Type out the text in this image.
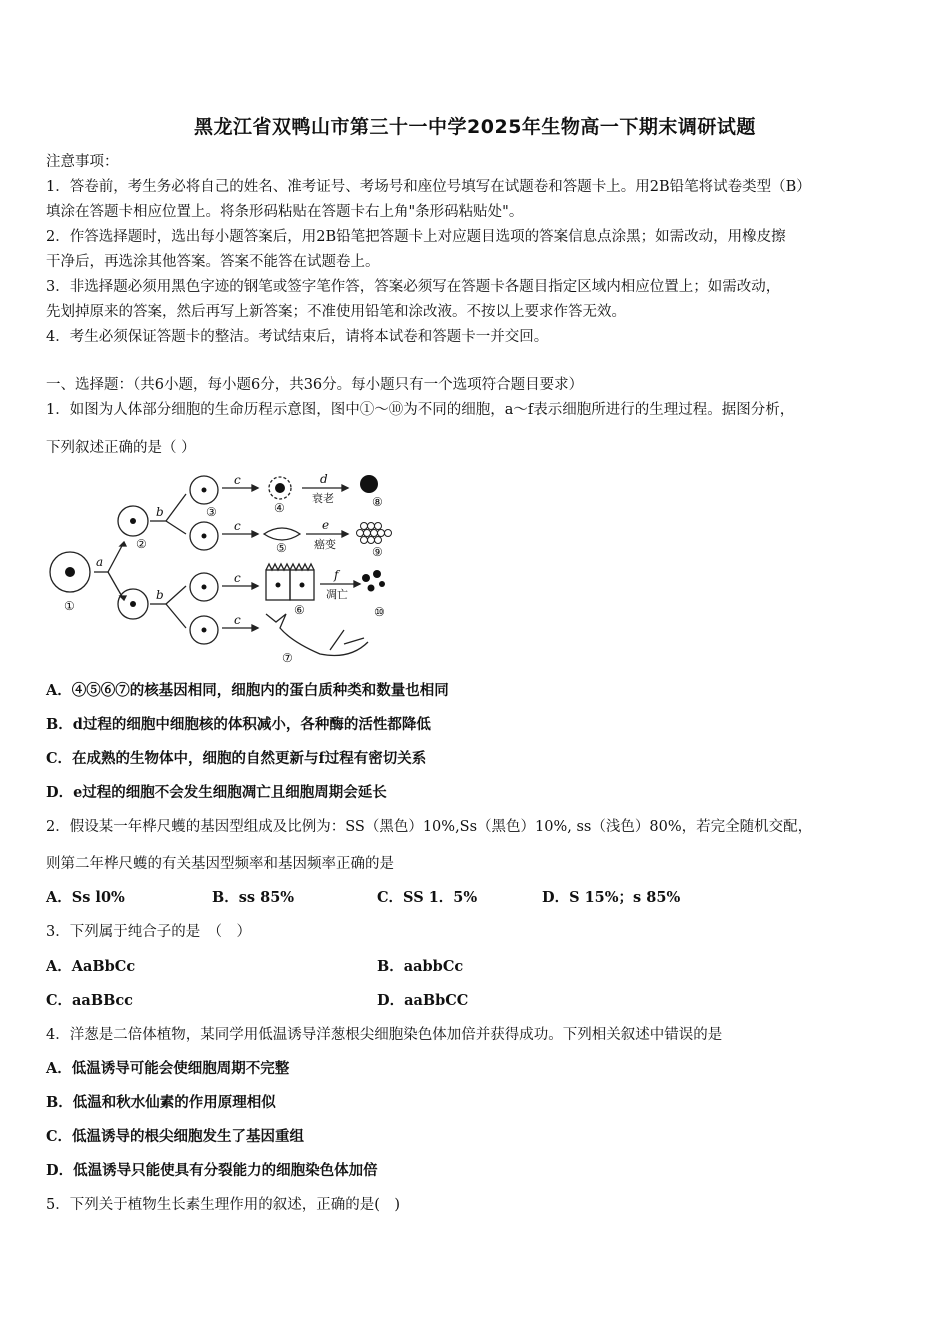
黑龙江省双鸭山市第三十一中学2025年生物高一下期末调研试题
注意事项：
1．答卷前，考生务必将自己的姓名、准考证号、考场号和座位号填写在试题卷和答题卡上。用2B铅笔将试卷类型（B）
填涂在答题卡相应位置上。将条形码粘贴在答题卡右上角"条形码粘贴处"。
2．作答选择题时，选出每小题答案后，用2B铅笔把答题卡上对应题目选项的答案信息点涂黑；如需改动，用橡皮擦
干净后，再选涂其他答案。答案不能答在试题卷上。
3．非选择题必须用黑色字迹的钢笔或签字笔作答，答案必须写在答题卡各题目指定区域内相应位置上；如需改动，
先划掉原来的答案，然后再写上新答案；不准使用铅笔和涂改液。不按以上要求作答无效。
4．考生必须保证答题卡的整洁。考试结束后，请将本试卷和答题卡一并交回。
一、选择题：（共6小题，每小题6分，共36分。每小题只有一个选项符合题目要求）
1．如图为人体部分细胞的生命历程示意图，图中①～⑩为不同的细胞，a～f表示细胞所进行的生理过程。据图分析，
下列叙述正确的是（ ）
a
b
b
c
c
c
c
d
e
f
衰老
癌变
凋亡
①
②
③	④
⑤
⑥
⑦
⑧
⑨
⑩
A．④⑤⑥⑦的核基因相同，细胞内的蛋白质种类和数量也相同
B．d过程的细胞中细胞核的体积减小，各种酶的活性都降低
C．在成熟的生物体中，细胞的自然更新与f过程有密切关系
D．e过程的细胞不会发生细胞凋亡且细胞周期会延长
2．假设某一年桦尺蠖的基因型组成及比例为：SS（黑色）10%,Ss（黑色）10%, ss（浅色）80%，若完全随机交配，
则第二年桦尺蠖的有关基因型频率和基因频率正确的是
A．Ss l0%	B．ss 85%	C．SS 1．5%	D．S 15%；s 85%
3．下列属于纯合子的是　（　）
A．AaBbCc	B．aabbCc
C．aaBBcc	D．aaBbCC
4．洋葱是二倍体植物，某同学用低温诱导洋葱根尖细胞染色体加倍并获得成功。下列相关叙述中错误的是
A．低温诱导可能会使细胞周期不完整
B．低温和秋水仙素的作用原理相似
C．低温诱导的根尖细胞发生了基因重组
D．低温诱导只能使具有分裂能力的细胞染色体加倍
5．下列关于植物生长素生理作用的叙述，正确的是(　)
